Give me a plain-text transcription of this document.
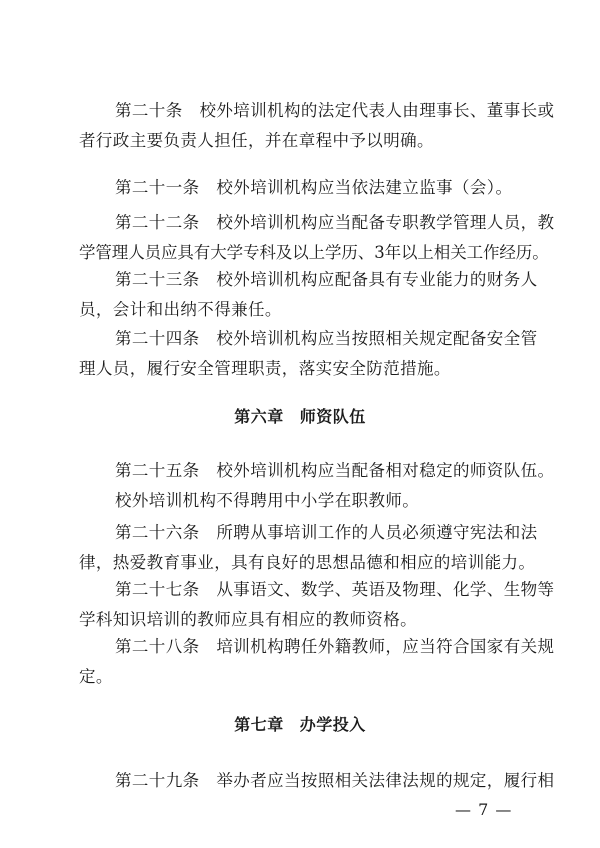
第二十条　校外培训机构的法定代表人由理事长、董事长或
者行政主要负责人担任，并在章程中予以明确。
第二十一条　校外培训机构应当依法建立监事（会）。
第二十二条　校外培训机构应当配备专职教学管理人员，教
学管理人员应具有大学专科及以上学历、3年以上相关工作经历。
第二十三条　校外培训机构应配备具有专业能力的财务人
员，会计和出纳不得兼任。
第二十四条　校外培训机构应当按照相关规定配备安全管
理人员，履行安全管理职责，落实安全防范措施。
第六章 师资队伍
第二十五条　校外培训机构应当配备相对稳定的师资队伍。
校外培训机构不得聘用中小学在职教师。
第二十六条　所聘从事培训工作的人员必须遵守宪法和法
律，热爱教育事业，具有良好的思想品德和相应的培训能力。
第二十七条　从事语文、数学、英语及物理、化学、生物等
学科知识培训的教师应具有相应的教师资格。
第二十八条　培训机构聘任外籍教师，应当符合国家有关规
定。
第七章 办学投入
第二十九条　举办者应当按照相关法律法规的规定，履行相
— 7 —
